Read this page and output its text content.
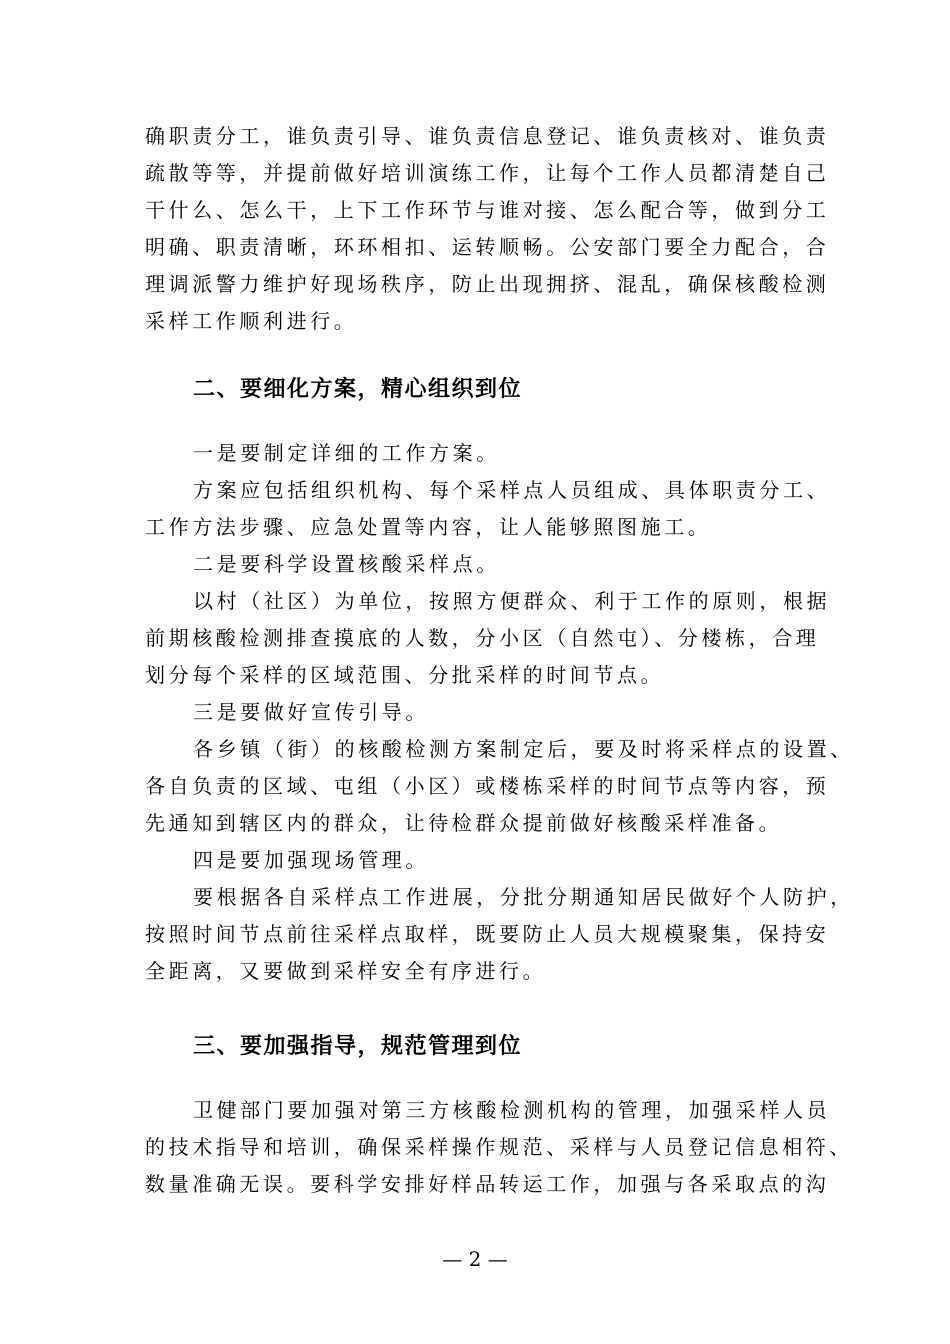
确职责分工，谁负责引导、谁负责信息登记、谁负责核对、谁负责
疏散等等，并提前做好培训演练工作，让每个工作人员都清楚自己
干什么、怎么干，上下工作环节与谁对接、怎么配合等，做到分工
明确、职责清晰，环环相扣、运转顺畅。公安部门要全力配合，合
理调派警力维护好现场秩序，防止出现拥挤、混乱，确保核酸检测
采样工作顺利进行。
二、要细化方案，精心组织到位
一是要制定详细的工作方案。
方案应包括组织机构、每个采样点人员组成、具体职责分工、
工作方法步骤、应急处置等内容，让人能够照图施工。
二是要科学设置核酸采样点。
以村（社区）为单位，按照方便群众、利于工作的原则，根据
前期核酸检测排查摸底的人数，分小区（自然屯）、分楼栋，合理
划分每个采样的区域范围、分批采样的时间节点。
三是要做好宣传引导。
各乡镇（街）的核酸检测方案制定后，要及时将采样点的设置、
各自负责的区域、屯组（小区）或楼栋采样的时间节点等内容，预
先通知到辖区内的群众，让待检群众提前做好核酸采样准备。
四是要加强现场管理。
要根据各自采样点工作进展，分批分期通知居民做好个人防护，
按照时间节点前往采样点取样，既要防止人员大规模聚集，保持安
全距离，又要做到采样安全有序进行。
三、要加强指导，规范管理到位
卫健部门要加强对第三方核酸检测机构的管理，加强采样人员
的技术指导和培训，确保采样操作规范、采样与人员登记信息相符、
数量准确无误。要科学安排好样品转运工作，加强与各采取点的沟
— 2 —
